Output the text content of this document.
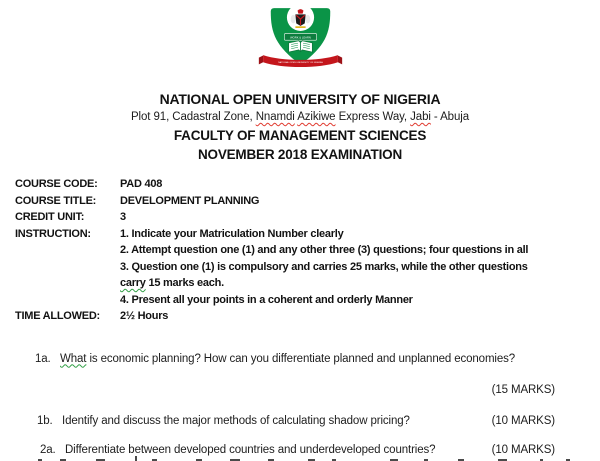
WORK & LEARN
NATIONAL OPEN UNIVERSITY OF NIGERIA
NATIONAL OPEN UNIVERSITY OF NIGERIA
Plot 91, Cadastral Zone, Nnamdi Azikiwe Express Way, Jabi - Abuja
FACULTY OF MANAGEMENT SCIENCES
NOVEMBER 2018 EXAMINATION
COURSE CODE:	PAD 408
COURSE TITLE:	DEVELOPMENT PLANNING
CREDIT UNIT:	3
INSTRUCTION:	1. Indicate your Matriculation Number clearly
2. Attempt question one (1) and any other three (3) questions; four questions in all
3. Question one (1) is compulsory and carries 25 marks, while the other questions
carry 15 marks each.
4. Present all your points in a coherent and orderly Manner
TIME ALLOWED:	2½ Hours
1a. What is economic planning? How can you differentiate planned and unplanned economies?
(15 MARKS)
1b. Identify and discuss the major methods of calculating shadow pricing?	(10 MARKS)
2a. Differentiate between developed countries and underdeveloped countries?	(10 MARKS)
